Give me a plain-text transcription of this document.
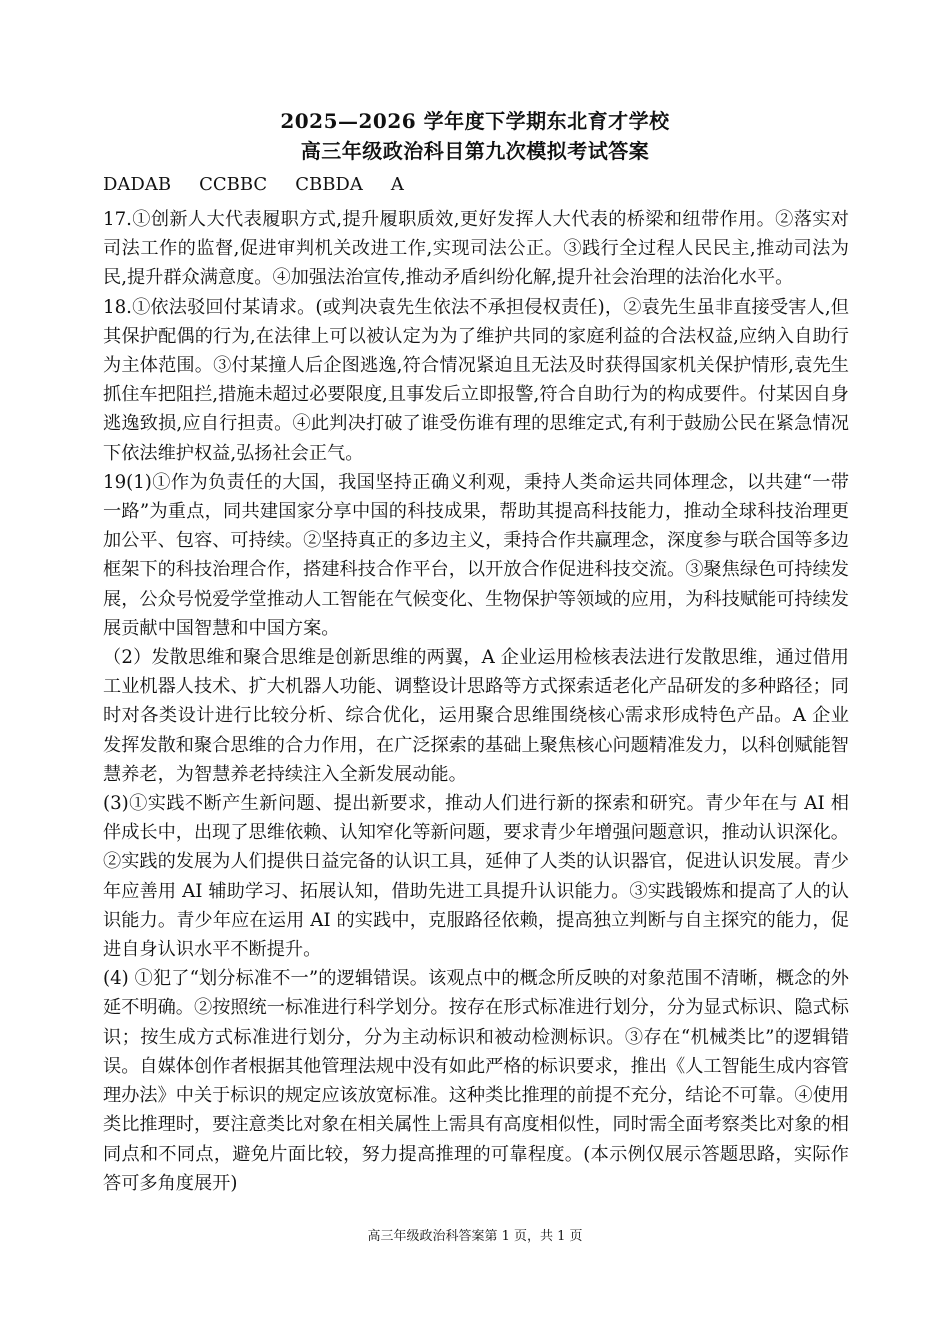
2025—2026 学年度下学期东北育才学校
高三年级政治科目第九次模拟考试答案
DADAB CCBBC CBBDA A

17.①创新人大代表履职方式,提升履职质效,更好发挥人大代表的桥梁和纽带作用。②落实对司法工作的监督,促进审判机关改进工作,实现司法公正。③践行全过程人民民主,推动司法为民,提升群众满意度。④加强法治宣传,推动矛盾纠纷化解,提升社会治理的法治化水平。

18.①依法驳回付某请求。(或判决袁先生依法不承担侵权责任)，②袁先生虽非直接受害人,但其保护配偶的行为,在法律上可以被认定为为了维护共同的家庭利益的合法权益,应纳入自助行为主体范围。③付某撞人后企图逃逸,符合情况紧迫且无法及时获得国家机关保护情形,袁先生抓住车把阻拦,措施未超过必要限度,且事发后立即报警,符合自助行为的构成要件。付某因自身逃逸致损,应自行担责。④此判决打破了谁受伤谁有理的思维定式,有利于鼓励公民在紧急情况下依法维护权益,弘扬社会正气。

19(1)①作为负责任的大国，我国坚持正确义利观，秉持人类命运共同体理念，以共建“一带一路”为重点，同共建国家分享中国的科技成果，帮助其提高科技能力，推动全球科技治理更加公平、包容、可持续。②坚持真正的多边主义，秉持合作共赢理念，深度参与联合国等多边框架下的科技治理合作，搭建科技合作平台，以开放合作促进科技交流。③聚焦绿色可持续发展，公众号悦爱学堂推动人工智能在气候变化、生物保护等领域的应用，为科技赋能可持续发展贡献中国智慧和中国方案。

（2）发散思维和聚合思维是创新思维的两翼，A 企业运用检核表法进行发散思维，通过借用工业机器人技术、扩大机器人功能、调整设计思路等方式探索适老化产品研发的多种路径；同时对各类设计进行比较分析、综合优化，运用聚合思维围绕核心需求形成特色产品。A 企业发挥发散和聚合思维的合力作用，在广泛探索的基础上聚焦核心问题精准发力，以科创赋能智慧养老，为智慧养老持续注入全新发展动能。

(3)①实践不断产生新问题、提出新要求，推动人们进行新的探索和研究。青少年在与 AI 相伴成长中，出现了思维依赖、认知窄化等新问题，要求青少年增强问题意识，推动认识深化。②实践的发展为人们提供日益完备的认识工具，延伸了人类的认识器官，促进认识发展。青少年应善用 AI 辅助学习、拓展认知，借助先进工具提升认识能力。③实践锻炼和提高了人的认识能力。青少年应在运用 AI 的实践中，克服路径依赖，提高独立判断与自主探究的能力，促进自身认识水平不断提升。

(4) ①犯了“划分标准不一”的逻辑错误。该观点中的概念所反映的对象范围不清晰，概念的外延不明确。②按照统一标准进行科学划分。按存在形式标准进行划分，分为显式标识、隐式标识；按生成方式标准进行划分，分为主动标识和被动检测标识。③存在“机械类比”的逻辑错误。自媒体创作者根据其他管理法规中没有如此严格的标识要求，推出《人工智能生成内容管理办法》中关于标识的规定应该放宽标准。这种类比推理的前提不充分，结论不可靠。④使用类比推理时，要注意类比对象在相关属性上需具有高度相似性，同时需全面考察类比对象的相同点和不同点，避免片面比较，努力提高推理的可靠程度。(本示例仅展示答题思路，实际作答可多角度展开)

高三年级政治科答案第 1 页，共 1 页
